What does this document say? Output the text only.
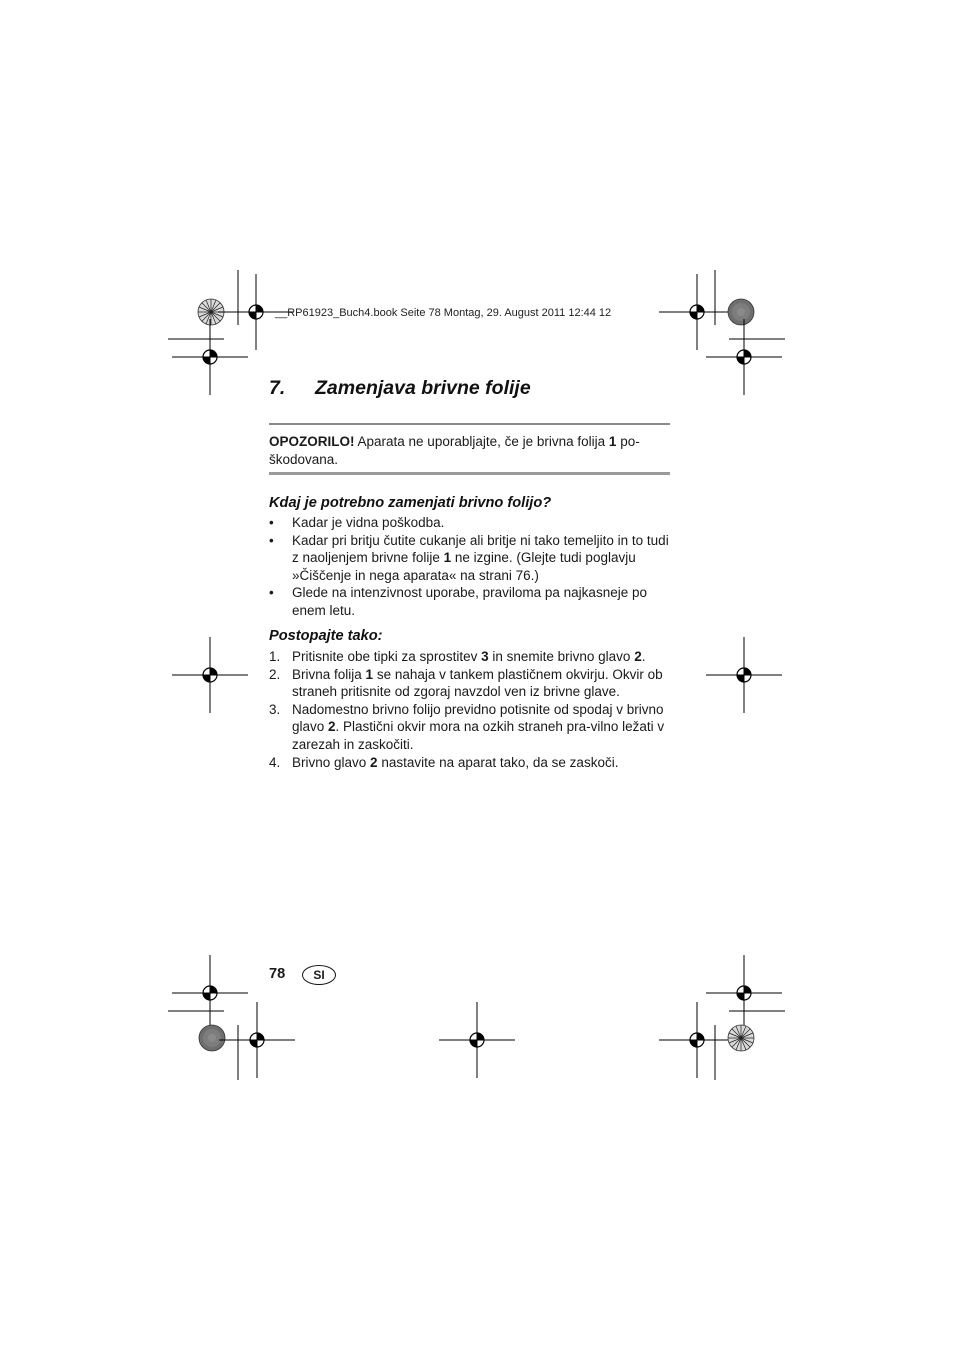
__RP61923_Buch4.book Seite 78 Montag, 29. August 2011 12:44 12
7. Zamenjava brivne folije
OPOZORILO! Aparata ne uporabljajte, če je brivna folija 1 po-škodovana.
Kdaj je potrebno zamenjati brivno folijo?
• Kadar je vidna poškodba.
• Kadar pri britju čutite cukanje ali britje ni tako temeljito in to tudi z naoljenjem brivne folije 1 ne izgine. (Glejte tudi poglavju »Čiščenje in nega aparata« na strani 76.)
• Glede na intenzivnost uporabe, praviloma pa najkasneje po enem letu.
Postopajte tako:
1. Pritisnite obe tipki za sprostitev 3 in snemite brivno glavo 2.
2. Brivna folija 1 se nahaja v tankem plastičnem okvirju. Okvir ob straneh pritisnite od zgoraj navzdol ven iz brivne glave.
3. Nadomestno brivno folijo previdno potisnite od spodaj v brivno glavo 2. Plastični okvir mora na ozkih straneh pra-vilno ležati v zarezah in zaskočiti.
4. Brivno glavo 2 nastavite na aparat tako, da se zaskoči.
78	SI
